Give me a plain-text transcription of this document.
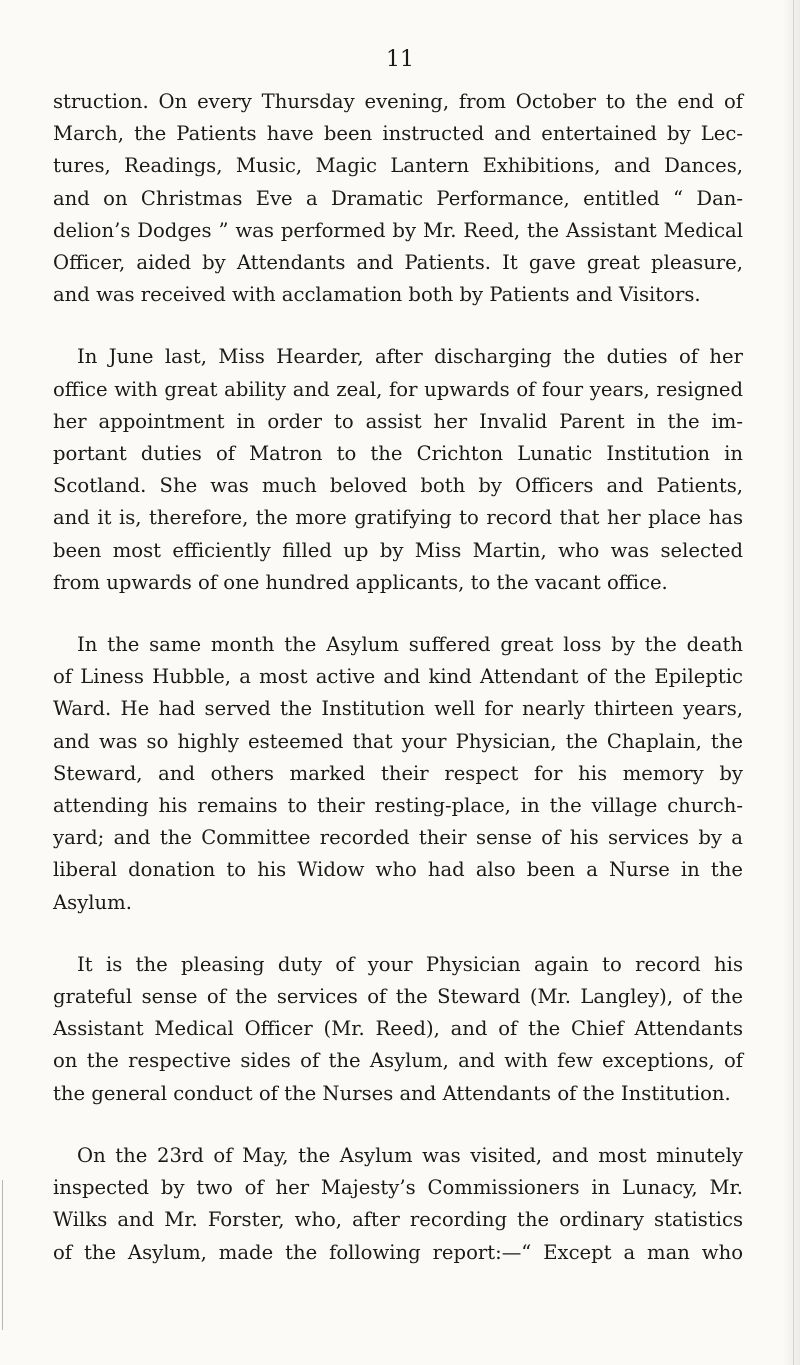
11

struction. On every Thursday evening, from October to the end of
March, the Patients have been instructed and entertained by Lec-
tures, Readings, Music, Magic Lantern Exhibitions, and Dances,
and on Christmas Eve a Dramatic Performance, entitled “ Dan-
delion’s Dodges ” was performed by Mr. Reed, the Assistant Medical
Officer, aided by Attendants and Patients. It gave great pleasure,
and was received with acclamation both by Patients and Visitors.

In June last, Miss Hearder, after discharging the duties of her
office with great ability and zeal, for upwards of four years, resigned
her appointment in order to assist her Invalid Parent in the im-
portant duties of Matron to the Crichton Lunatic Institution in
Scotland. She was much beloved both by Officers and Patients,
and it is, therefore, the more gratifying to record that her place has
been most efficiently filled up by Miss Martin, who was selected
from upwards of one hundred applicants, to the vacant office.

In the same month the Asylum suffered great loss by the death
of Liness Hubble, a most active and kind Attendant of the Epileptic
Ward. He had served the Institution well for nearly thirteen years,
and was so highly esteemed that your Physician, the Chaplain, the
Steward, and others marked their respect for his memory by
attending his remains to their resting-place, in the village church-
yard; and the Committee recorded their sense of his services by a
liberal donation to his Widow who had also been a Nurse in the
Asylum.

It is the pleasing duty of your Physician again to record his
grateful sense of the services of the Steward (Mr. Langley), of the
Assistant Medical Officer (Mr. Reed), and of the Chief Attendants
on the respective sides of the Asylum, and with few exceptions, of
the general conduct of the Nurses and Attendants of the Institution.

On the 23rd of May, the Asylum was visited, and most minutely
inspected by two of her Majesty’s Commissioners in Lunacy, Mr.
Wilks and Mr. Forster, who, after recording the ordinary statistics
of the Asylum, made the following report:—“ Except a man who
